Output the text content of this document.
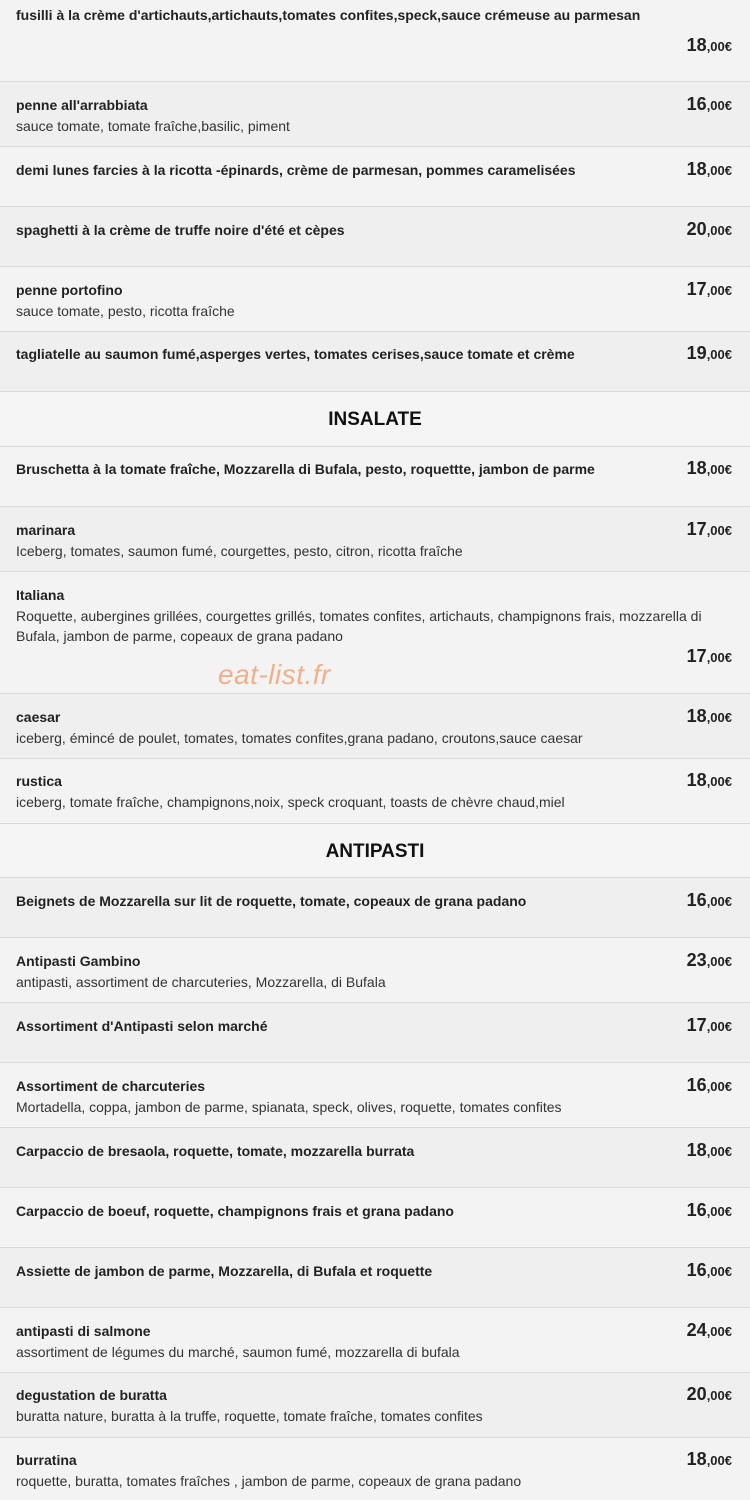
fusilli à la crème d'artichauts,artichauts,tomates confites,speck,sauce crémeuse au parmesan
18,00€
penne all'arrabbiata
sauce tomate, tomate fraîche,basilic, piment
16,00€
demi lunes farcies à la ricotta -épinards, crème de parmesan, pommes caramelisées	18,00€
spaghetti à la crème de truffe noire d'été et cèpes	20,00€
penne portofino
sauce tomate, pesto, ricotta fraîche
17,00€
tagliatelle au saumon fumé,asperges vertes, tomates cerises,sauce tomate et crème	19,00€
INSALATE
Bruschetta à la tomate fraîche, Mozzarella di Bufala, pesto, roquettte, jambon de parme	18,00€
marinara
Iceberg, tomates, saumon fumé, courgettes, pesto, citron, ricotta fraîche
17,00€
Italiana
Roquette, aubergines grillées, courgettes grillés, tomates confites, artichauts, champignons frais, mozzarella di Bufala, jambon de parme, copeaux de grana padano
17,00€
caesar
iceberg, émincé de poulet, tomates, tomates confites,grana padano, croutons,sauce caesar
18,00€
rustica
iceberg, tomate fraîche, champignons,noix, speck croquant, toasts de chèvre chaud,miel
18,00€
ANTIPASTI
Beignets de Mozzarella sur lit de roquette, tomate, copeaux de grana padano	16,00€
Antipasti Gambino
antipasti, assortiment de charcuteries, Mozzarella, di Bufala
23,00€
Assortiment d'Antipasti selon marché	17,00€
Assortiment de charcuteries
Mortadella, coppa, jambon de parme, spianata, speck, olives, roquette, tomates confites
16,00€
Carpaccio de bresaola, roquette, tomate, mozzarella burrata	18,00€
Carpaccio de boeuf, roquette, champignons frais et grana padano	16,00€
Assiette de jambon de parme, Mozzarella, di Bufala et roquette	16,00€
antipasti di salmone
assortiment de légumes du marché, saumon fumé, mozzarella di bufala
24,00€
degustation de buratta
buratta nature, buratta à la truffe, roquette, tomate fraîche, tomates confites
20,00€
burratina
roquette, buratta, tomates fraîches , jambon de parme, copeaux de grana padano
18,00€
eat-list.fr
